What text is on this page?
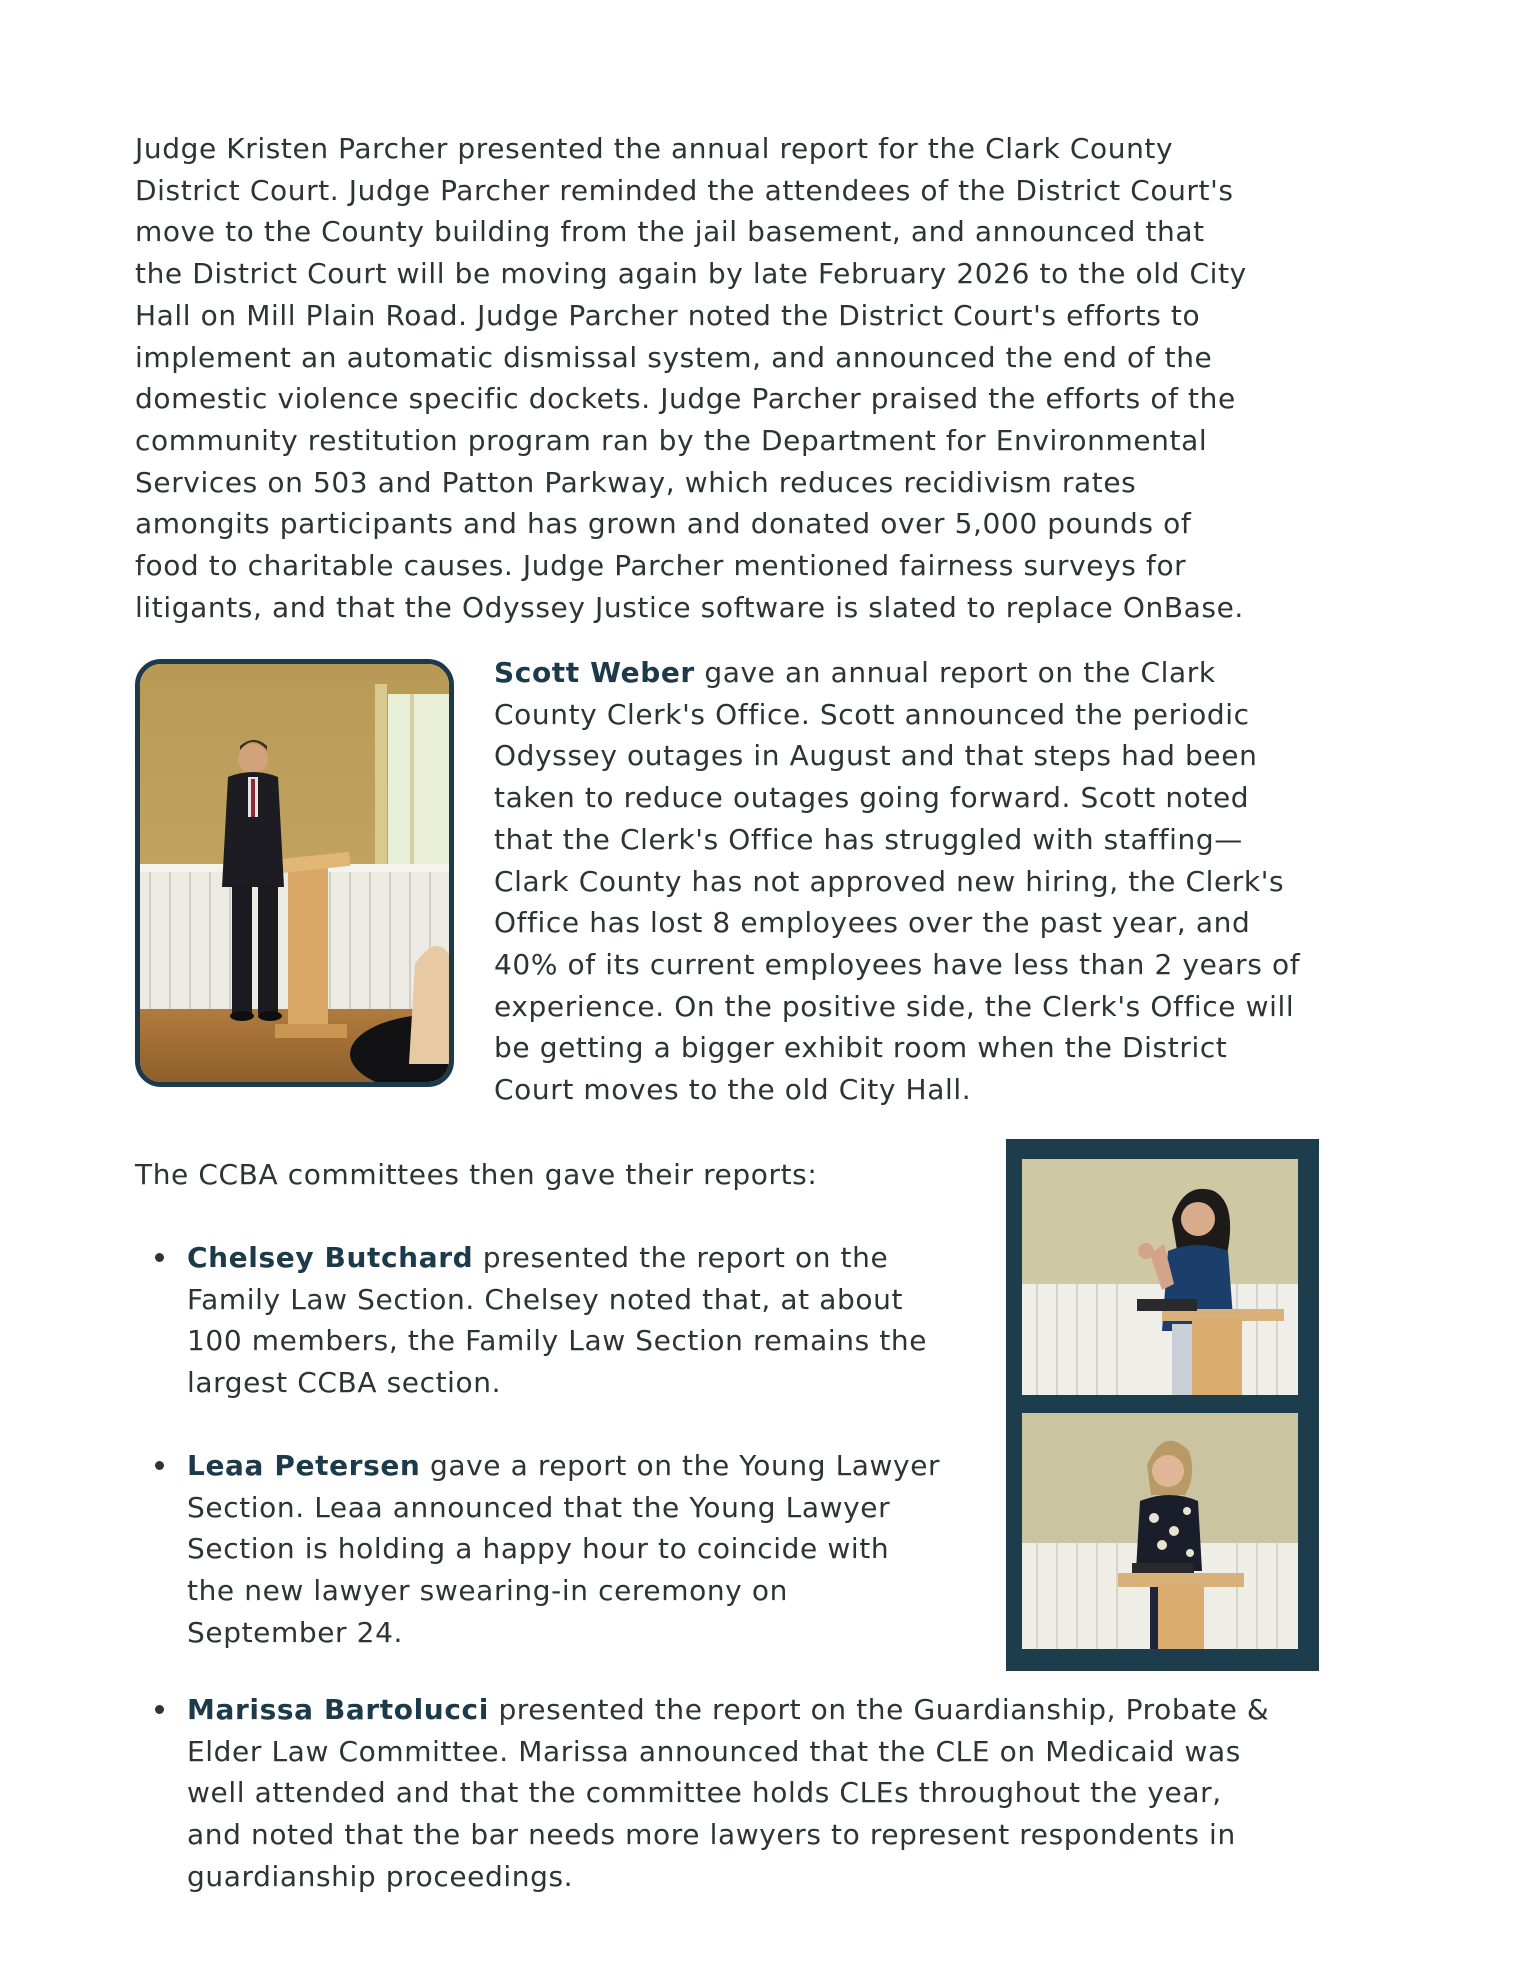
Judge Kristen Parcher presented the annual report for the Clark County
District Court. Judge Parcher reminded the attendees of the District Court's
move to the County building from the jail basement, and announced that
the District Court will be moving again by late February 2026 to the old City
Hall on Mill Plain Road. Judge Parcher noted the District Court's efforts to
implement an automatic dismissal system, and announced the end of the
domestic violence specific dockets. Judge Parcher praised the efforts of the
community restitution program ran by the Department for Environmental
Services on 503 and Patton Parkway, which reduces recidivism rates
amongits participants and has grown and donated over 5,000 pounds of
food to charitable causes. Judge Parcher mentioned fairness surveys for
litigants, and that the Odyssey Justice software is slated to replace OnBase.

Scott Weber gave an annual report on the Clark
County Clerk's Office. Scott announced the periodic
Odyssey outages in August and that steps had been
taken to reduce outages going forward. Scott noted
that the Clerk's Office has struggled with staffing—
Clark County has not approved new hiring, the Clerk's
Office has lost 8 employees over the past year, and
40% of its current employees have less than 2 years of
experience. On the positive side, the Clerk's Office will
be getting a bigger exhibit room when the District
Court moves to the old City Hall.

The CCBA committees then gave their reports:

Chelsey Butchard presented the report on the
Family Law Section. Chelsey noted that, at about
100 members, the Family Law Section remains the
largest CCBA section.
Leaa Petersen gave a report on the Young Lawyer
Section. Leaa announced that the Young Lawyer
Section is holding a happy hour to coincide with
the new lawyer swearing-in ceremony on
September 24.
Marissa Bartolucci presented the report on the Guardianship, Probate &
Elder Law Committee. Marissa announced that the CLE on Medicaid was
well attended and that the committee holds CLEs throughout the year,
and noted that the bar needs more lawyers to represent respondents in
guardianship proceedings.
